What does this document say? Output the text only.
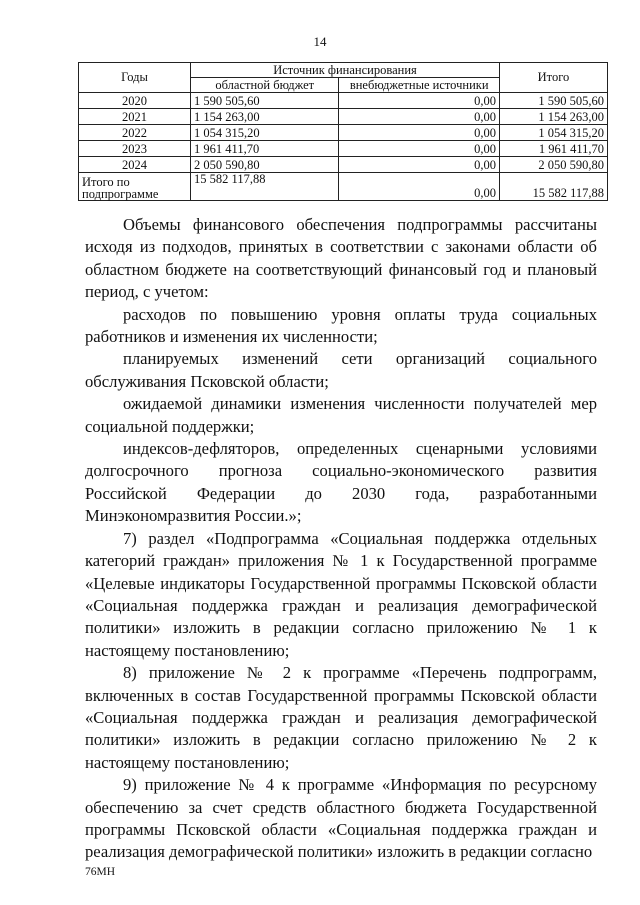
14
Годы	Источник финансирования		Итого
	областной бюджет	внебюджетные источники	
2020	1 590 505,60	0,00	1 590 505,60
2021	1 154 263,00	0,00	1 154 263,00
2022	1 054 315,20	0,00	1 054 315,20
2023	1 961 411,70	0,00	1 961 411,70
2024	2 050 590,80	0,00	2 050 590,80
Итого по
подпрограмме	15 582 117,88	0,00	15 582 117,88

Объемы финансового обеспечения подпрограммы рассчитаны исходя из подходов, принятых в соответствии с законами области об областном бюджете на соответствующий финансовый год и плановый период, с учетом:

расходов по повышению уровня оплаты труда социальных работников и изменения их численности;

планируемых изменений сети организаций социального обслуживания Псковской области;

ожидаемой динамики изменения численности получателей мер социальной поддержки;

индексов-дефляторов, определенных сценарными условиями долгосрочного прогноза социально-экономического развития Российской Федерации до 2030 года, разработанными Минэкономразвития России.»;

7) раздел «Подпрограмма «Социальная поддержка отдельных категорий граждан» приложения № 1 к Государственной программе «Целевые индикаторы Государственной программы Псковской области «Социальная поддержка граждан и реализация демографической политики» изложить в редакции согласно приложению № 1 к настоящему постановлению;

8) приложение № 2 к программе «Перечень подпрограмм, включенных в состав Государственной программы Псковской области «Социальная поддержка граждан и реализация демографической политики» изложить в редакции согласно приложению № 2 к настоящему постановлению;

9) приложение № 4 к программе «Информация по ресурсному обеспечению за счет средств областного бюджета Государственной программы Псковской области «Социальная поддержка граждан и реализация демографической политики» изложить в редакции согласно

76МН
